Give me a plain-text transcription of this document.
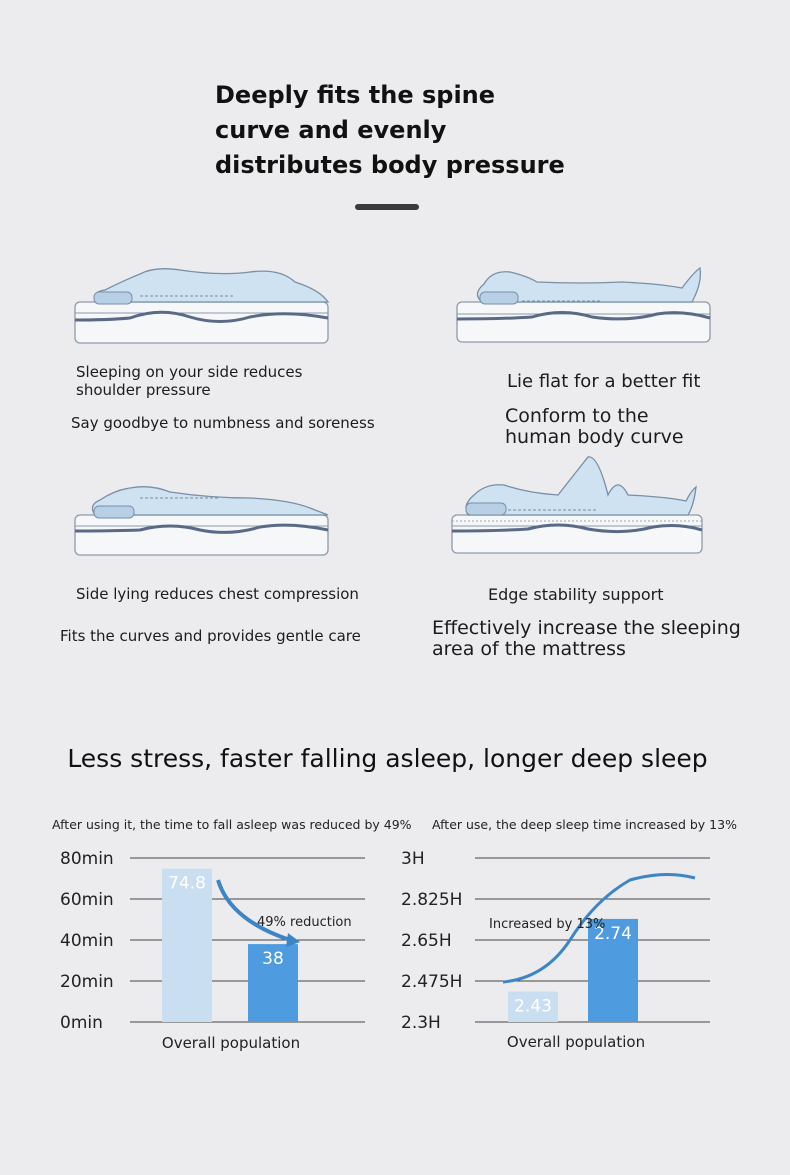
Deeply fits the spine
curve and evenly
distributes body pressure
Sleeping on your side reduces
shoulder pressure
Say goodbye to numbness and soreness
Lie flat for a better fit
Conform to the
human body curve
Side lying reduces chest compression
Fits the curves and provides gentle care
Edge stability support
Effectively increase the sleeping
area of the mattress
Less stress, faster falling asleep, longer deep sleep
After using it, the time to fall asleep was reduced by 49% After use, the deep sleep time increased by 13%
80min
60min
40min
20min
0min
74.8
38
49% reduction
Overall population
3H
2.825H
2.65H
2.475H
2.3H
2.43
2.74
Increased by 13%
Overall population
